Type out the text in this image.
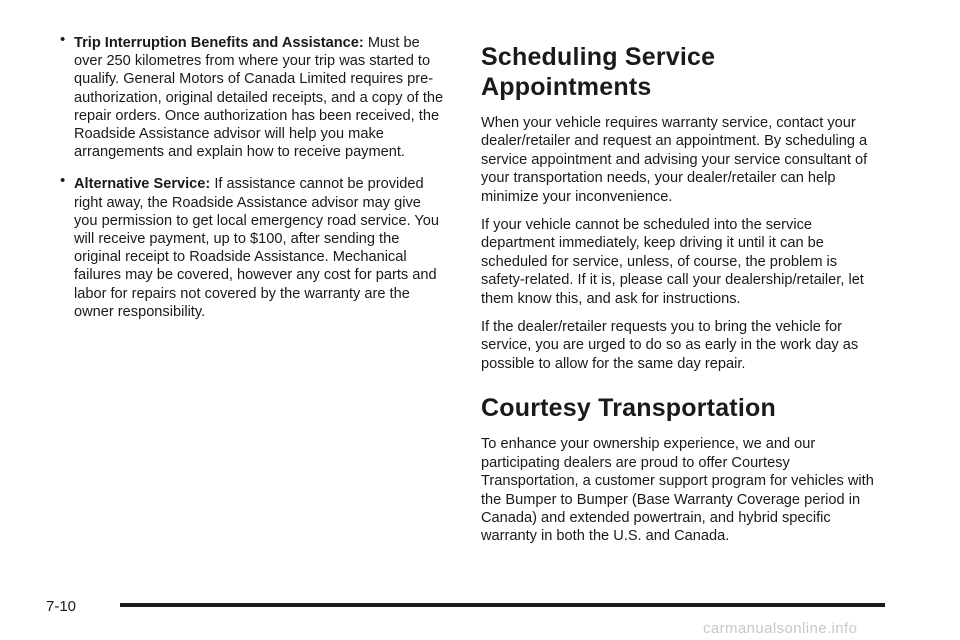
• Trip Interruption Benefits and Assistance: Must be over 250 kilometres from where your trip was started to qualify. General Motors of Canada Limited requires pre-authorization, original detailed receipts, and a copy of the repair orders. Once authorization has been received, the Roadside Assistance advisor will help you make arrangements and explain how to receive payment.
• Alternative Service: If assistance cannot be provided right away, the Roadside Assistance advisor may give you permission to get local emergency road service. You will receive payment, up to $100, after sending the original receipt to Roadside Assistance. Mechanical failures may be covered, however any cost for parts and labor for repairs not covered by the warranty are the owner responsibility.
Scheduling Service Appointments

When your vehicle requires warranty service, contact your dealer/retailer and request an appointment. By scheduling a service appointment and advising your service consultant of your transportation needs, your dealer/retailer can help minimize your inconvenience.

If your vehicle cannot be scheduled into the service department immediately, keep driving it until it can be scheduled for service, unless, of course, the problem is safety-related. If it is, please call your dealership/retailer, let them know this, and ask for instructions.

If the dealer/retailer requests you to bring the vehicle for service, you are urged to do so as early in the work day as possible to allow for the same day repair.

Courtesy Transportation

To enhance your ownership experience, we and our participating dealers are proud to offer Courtesy Transportation, a customer support program for vehicles with the Bumper to Bumper (Base Warranty Coverage period in Canada) and extended powertrain, and hybrid specific warranty in both the U.S. and Canada.

7-10
carmanualsonline.info
